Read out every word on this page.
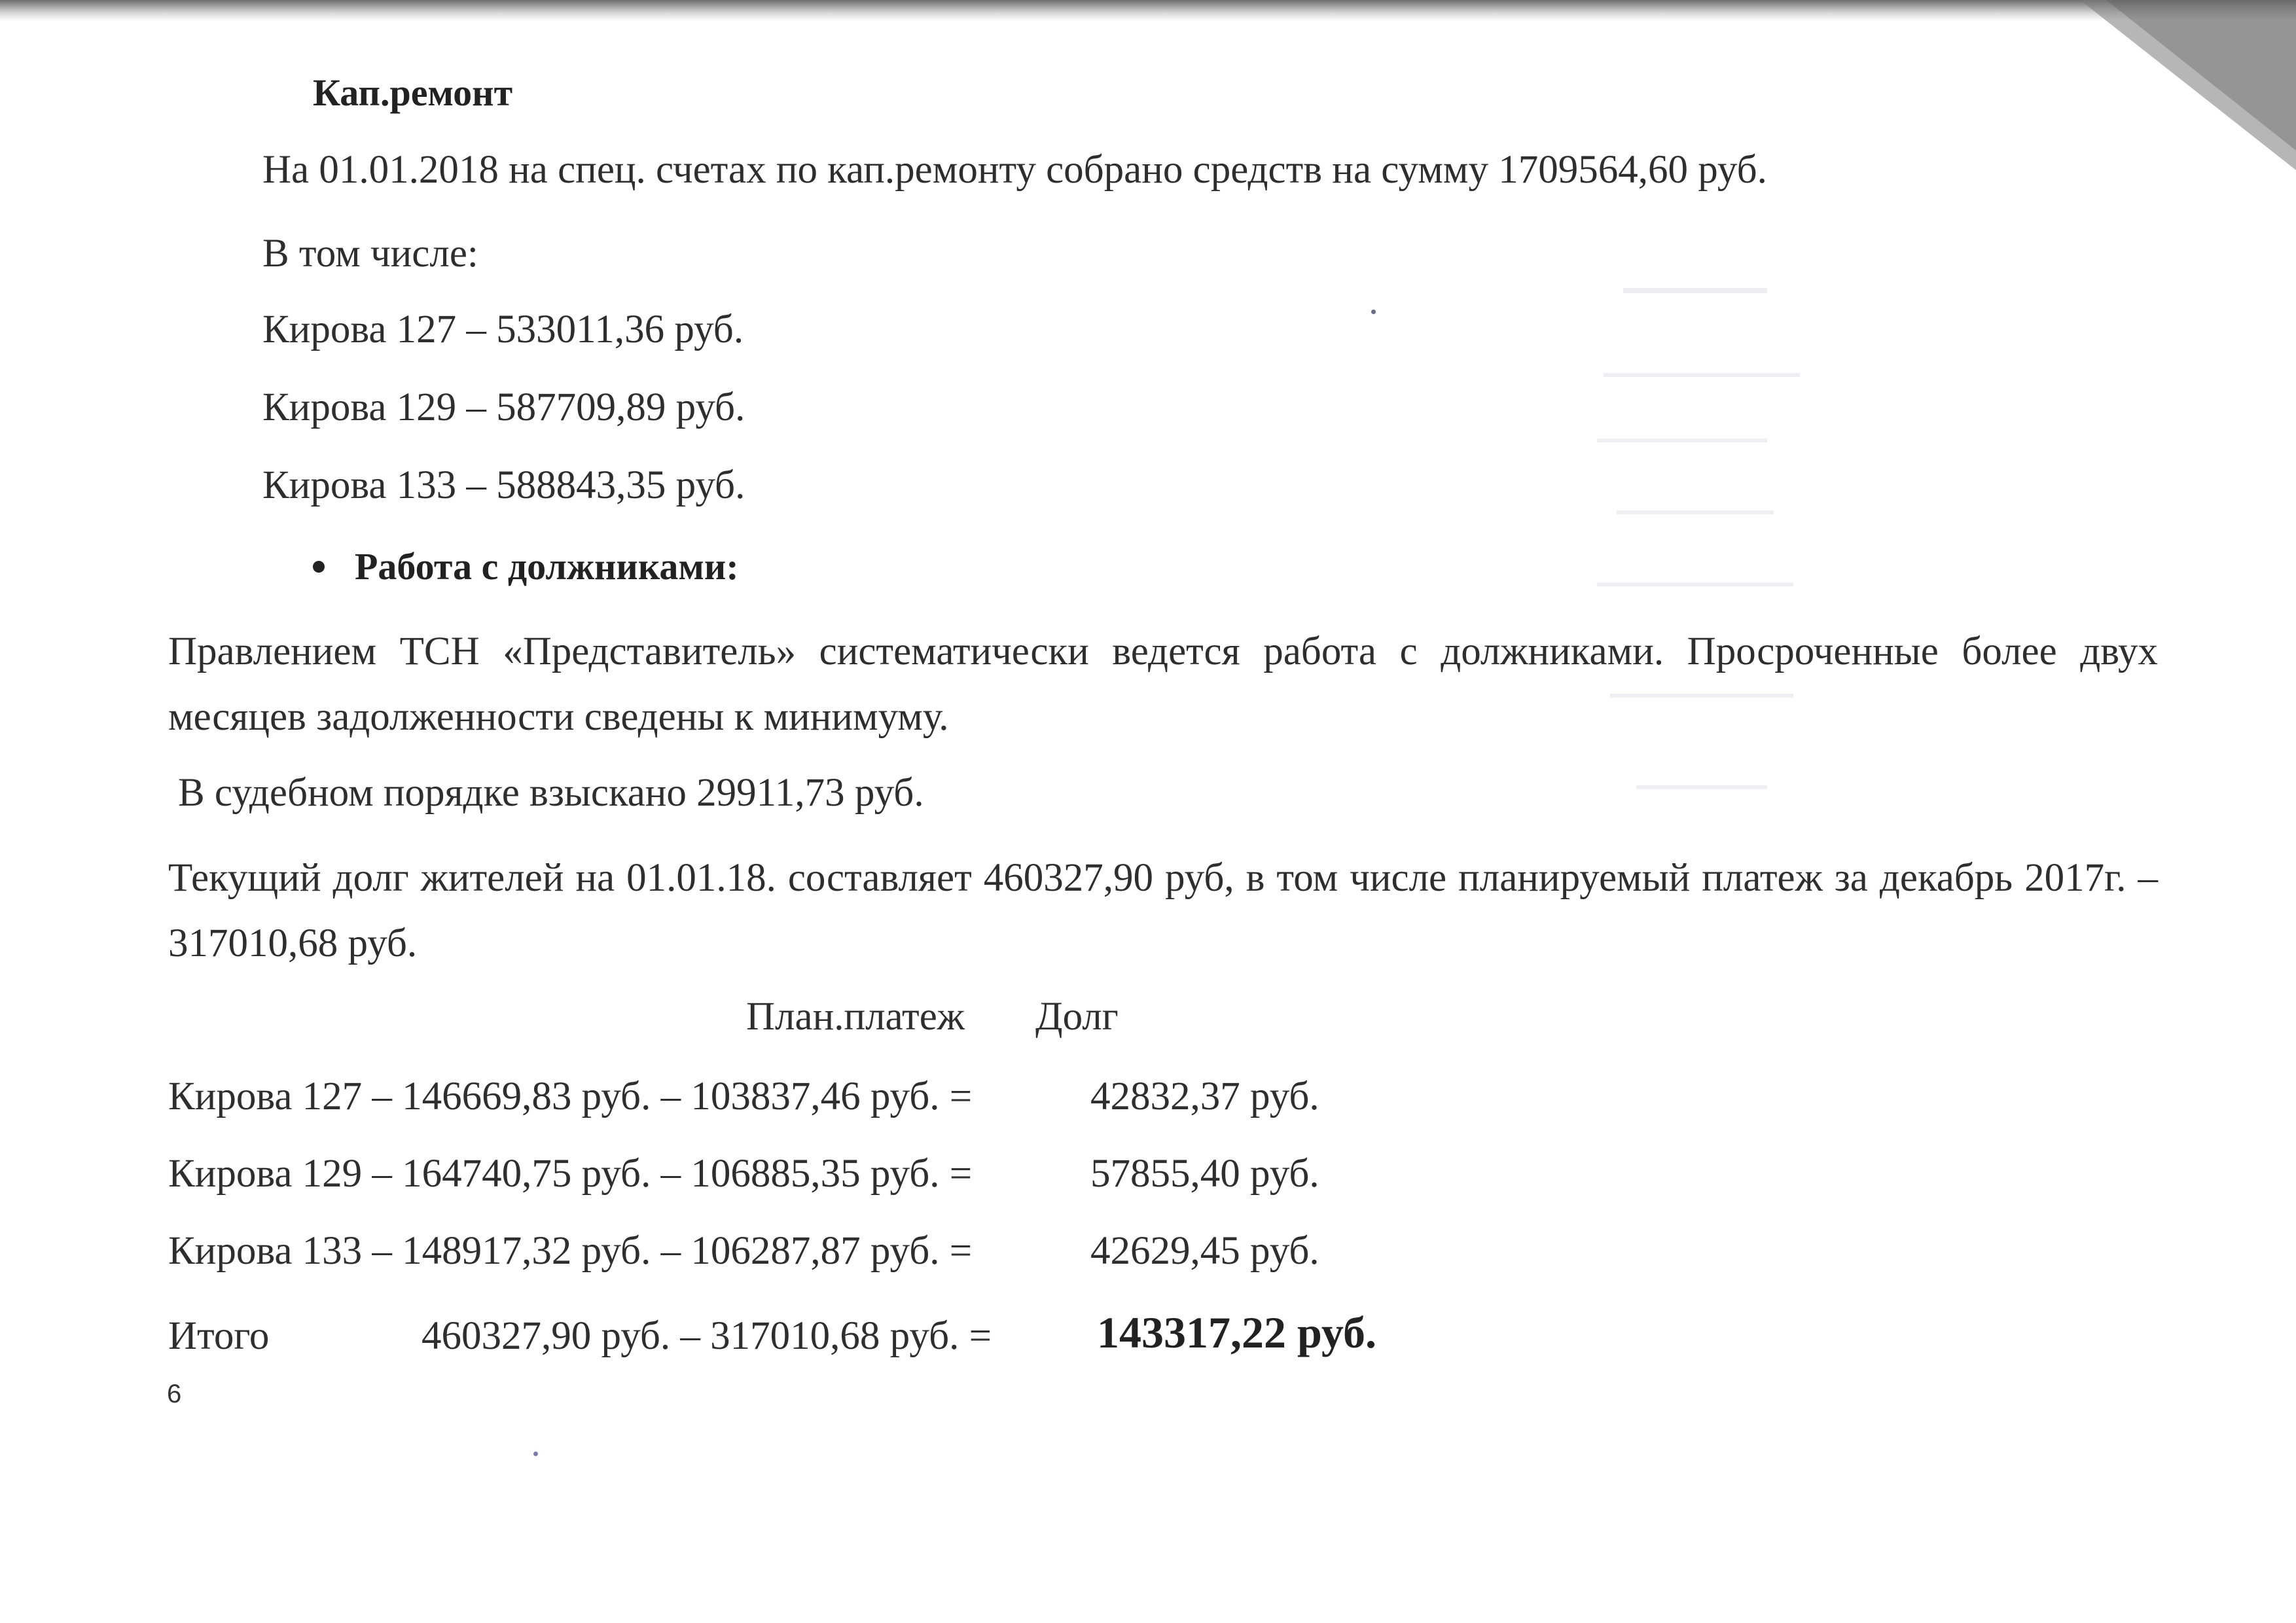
Кап.ремонт
На 01.01.2018 на спец. счетах по кап.ремонту собрано средств на сумму 1709564,60 руб.
В том числе:
Кирова 127 – 533011,36 руб.
Кирова 129 – 587709,89 руб.
Кирова 133 – 588843,35 руб.
Работа с должниками:
Правлением ТСН «Представитель» систематически ведется работа с должниками. Просроченные более двух месяцев задолженности сведены к минимуму.
В судебном порядке взыскано 29911,73 руб.
Текущий долг жителей на 01.01.18. составляет 460327,90 руб, в том числе планируемый платеж за декабрь 2017г. – 317010,68 руб.
План.платеж Долг
Кирова 127 – 146669,83 руб. – 103837,46 руб. =	42832,37 руб.
Кирова 129 – 164740,75 руб. – 106885,35 руб. =	57855,40 руб.
Кирова 133 – 148917,32 руб. – 106287,87 руб. =	42629,45 руб.
Итого	460327,90 руб. – 317010,68 руб. = 143317,22 руб.
6
